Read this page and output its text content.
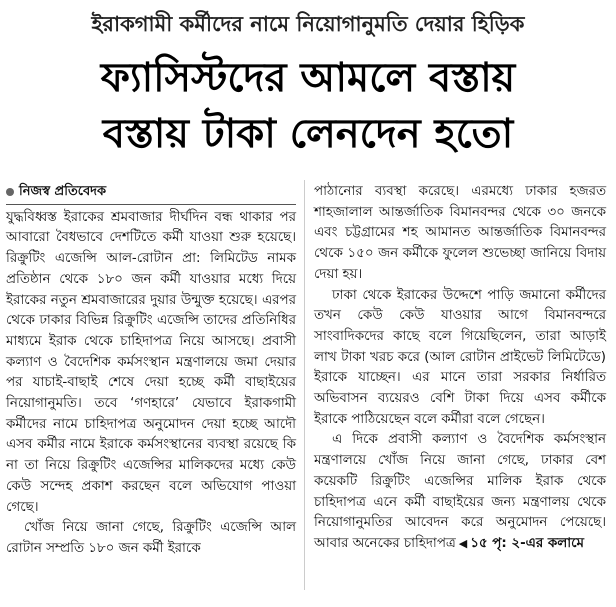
ইরাকগামী কর্মীদের নামে নিয়োগানুমতি দেয়ার হিড়িক
ফ্যাসিস্টদের আমলে বস্তায়
বস্তায় টাকা লেনদেন হতো

নিজস্ব প্রতিবেদক

যুদ্ধবিধ্বস্ত ইরাকের শ্রমবাজার দীর্ঘদিন বন্ধ থাকার পর আবারো বৈধভাবে দেশটিতে কর্মী যাওয়া শুরু হয়েছে। রিক্রুটিং এজেন্সি আল-রোটান প্রা: লিমিটেড নামক প্রতিষ্ঠান থেকে ১৮০ জন কর্মী যাওয়ার মধ্যে দিয়ে ইরাকের নতুন শ্রমবাজারের দুয়ার উন্মুক্ত হয়েছে। এরপর থেকে ঢাকার বিভিন্ন রিক্রুটিং এজেন্সি তাদের প্রতিনিধির মাধ্যমে ইরাক থেকে চাহিদাপত্র নিয়ে আসছে। প্রবাসী কল্যাণ ও বৈদেশিক কর্মসংস্থান মন্ত্রণালয়ে জমা দেয়ার পর যাচাই-বাছাই শেষে দেয়া হচ্ছে কর্মী বাছাইয়ের নিয়োগানুমতি। তবে ‘গণহারে’ যেভাবে ইরাকগামী কর্মীদের নামে চাহিদাপত্র অনুমোদন দেয়া হচ্ছে আদৌ এসব কর্মীর নামে ইরাকে কর্মসংস্থানের ব্যবস্থা রয়েছে কি না তা নিয়ে রিক্রুটিং এজেন্সির মালিকদের মধ্যে কেউ কেউ সন্দেহ প্রকাশ করছেন বলে অভিযোগ পাওয়া গেছে।

খোঁজ নিয়ে জানা গেছে, রিক্রুটিং এজেন্সি আল রোটান সম্প্রতি ১৮০ জন কর্মী ইরাকে

পাঠানোর ব্যবস্থা করেছে। এরমধ্যে ঢাকার হজরত শাহজালাল আন্তর্জাতিক বিমানবন্দর থেকে ৩০ জনকে এবং চট্টগ্রামের শহ আমানত আন্তর্জাতিক বিমানবন্দর থেকে ১৫০ জন কর্মীকে ফুলেল শুভেচ্ছা জানিয়ে বিদায় দেয়া হয়।

ঢাকা থেকে ইরাকের উদ্দেশে পাড়ি জমানো কর্মীদের তখন কেউ কেউ যাওয়ার আগে বিমানবন্দরে সাংবাদিকদের কাছে বলে গিয়েছিলেন, তারা আড়াই লাখ টাকা খরচ করে (আল রোটান প্রাইভেট লিমিটেডে) ইরাকে যাচ্ছেন। এর মানে তারা সরকার নির্ধারিত অভিবাসন ব্যয়েরও বেশি টাকা দিয়ে এসব কর্মীকে ইরাকে পাঠিয়েছেন বলে কর্মীরা বলে গেছেন।

এ দিকে প্রবাসী কল্যাণ ও বৈদেশিক কর্মসংস্থান মন্ত্রণালয়ে খোঁজ নিয়ে জানা গেছে, ঢাকার বেশ কয়েকটি রিক্রুটিং এজেন্সির মালিক ইরাক থেকে চাহিদাপত্র এনে কর্মী বাছাইয়ের জন্য মন্ত্রণালয় থেকে নিয়োগানুমতির আবেদন করে অনুমোদন পেয়েছে। আবার অনেকের চাহিদাপত্র ◀ ১৫ পৃ: ২-এর কলামে
